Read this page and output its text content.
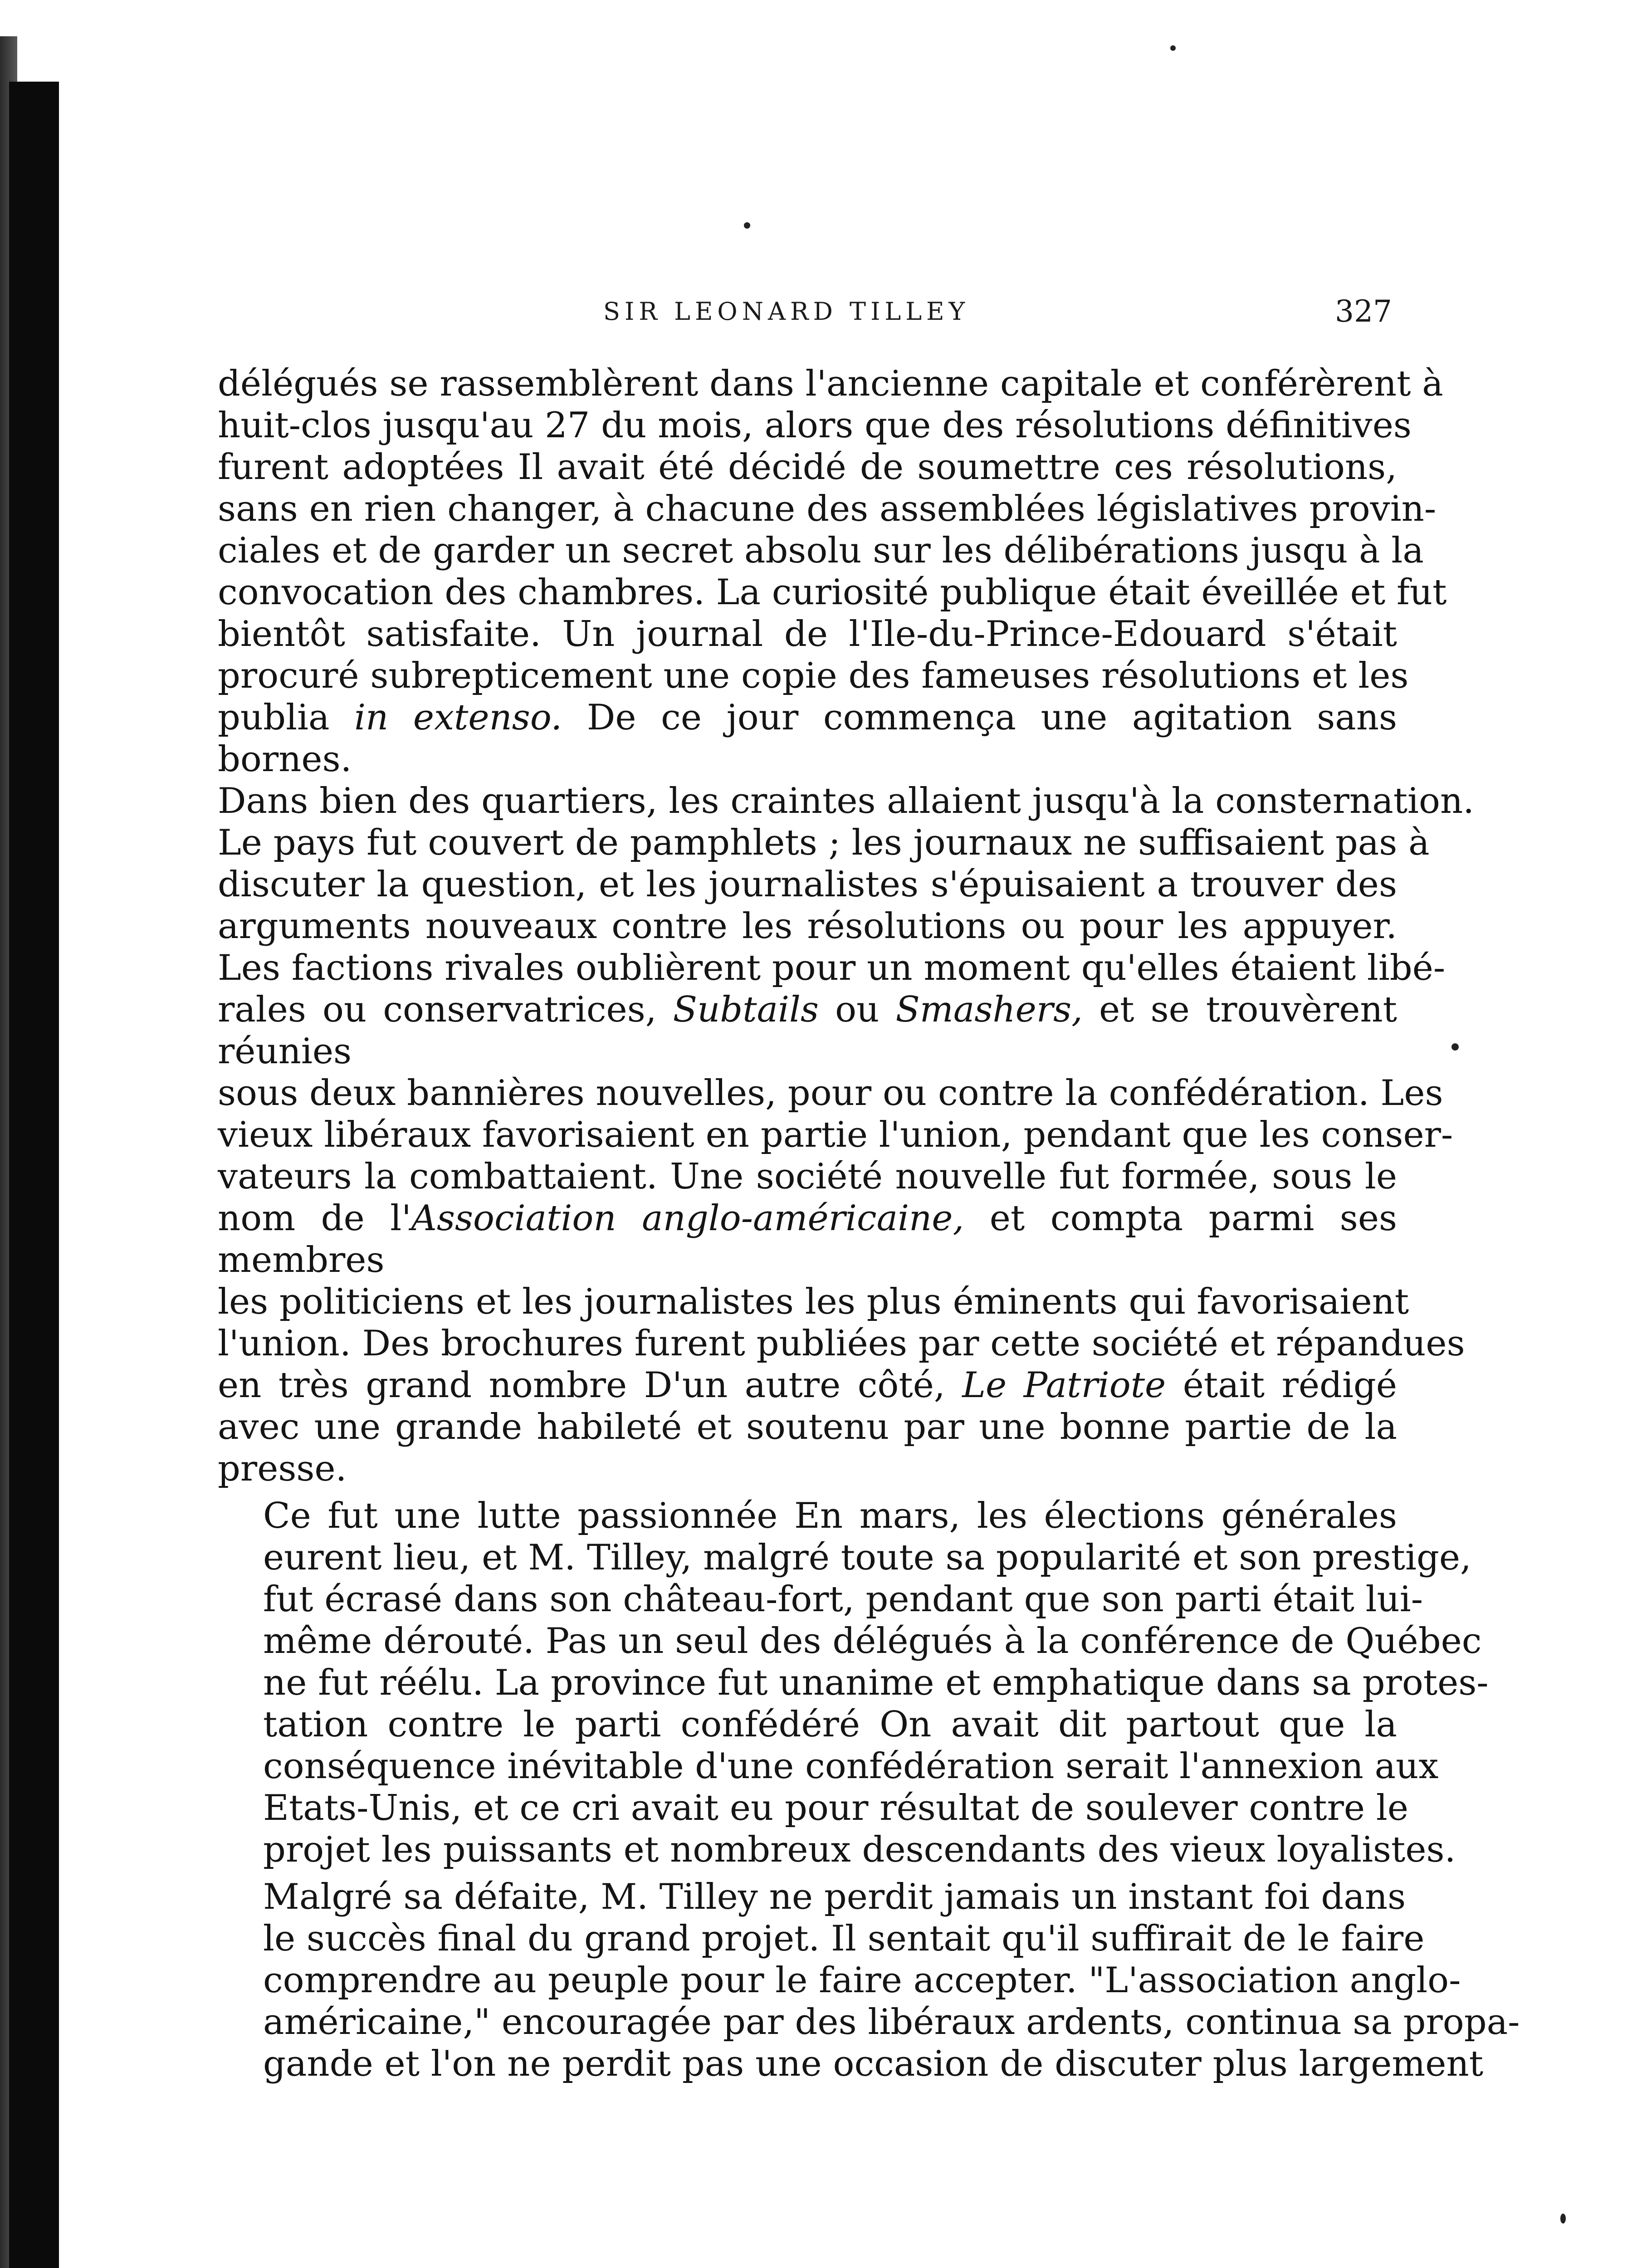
SIR LEONARD TILLEY	327
délégués se rassemblèrent dans l'ancienne capitale et conférèrent à
huit-clos jusqu'au 27 du mois, alors que des résolutions définitives
furent adoptées Il avait été décidé de soumettre ces résolutions,
sans en rien changer, à chacune des assemblées législatives provin-
ciales et de garder un secret absolu sur les délibérations jusqu à la
convocation des chambres. La curiosité publique était éveillée et fut
bientôt satisfaite. Un journal de l'Ile-du-Prince-Edouard s'était
procuré subrepticement une copie des fameuses résolutions et les
publia in extenso. De ce jour commença une agitation sans bornes.
Dans bien des quartiers, les craintes allaient jusqu'à la consternation.
Le pays fut couvert de pamphlets ; les journaux ne suffisaient pas à
discuter la question, et les journalistes s'épuisaient a trouver des
arguments nouveaux contre les résolutions ou pour les appuyer.
Les factions rivales oublièrent pour un moment qu'elles étaient libé-
rales ou conservatrices, Subtails ou Smashers, et se trouvèrent réunies
sous deux bannières nouvelles, pour ou contre la confédération. Les
vieux libéraux favorisaient en partie l'union, pendant que les conser-
vateurs la combattaient. Une société nouvelle fut formée, sous le
nom de l'Association anglo-américaine, et compta parmi ses membres
les politiciens et les journalistes les plus éminents qui favorisaient
l'union. Des brochures furent publiées par cette société et répandues
en très grand nombre D'un autre côté, Le Patriote était rédigé
avec une grande habileté et soutenu par une bonne partie de la
presse.
Ce fut une lutte passionnée En mars, les élections générales
eurent lieu, et M. Tilley, malgré toute sa popularité et son prestige,
fut écrasé dans son château-fort, pendant que son parti était lui-
même dérouté. Pas un seul des délégués à la conférence de Québec
ne fut réélu. La province fut unanime et emphatique dans sa protes-
tation contre le parti confédéré On avait dit partout que la
conséquence inévitable d'une confédération serait l'annexion aux
Etats-Unis, et ce cri avait eu pour résultat de soulever contre le
projet les puissants et nombreux descendants des vieux loyalistes.
Malgré sa défaite, M. Tilley ne perdit jamais un instant foi dans
le succès final du grand projet. Il sentait qu'il suffirait de le faire
comprendre au peuple pour le faire accepter. "L'association anglo-
américaine," encouragée par des libéraux ardents, continua sa propa-
gande et l'on ne perdit pas une occasion de discuter plus largement
